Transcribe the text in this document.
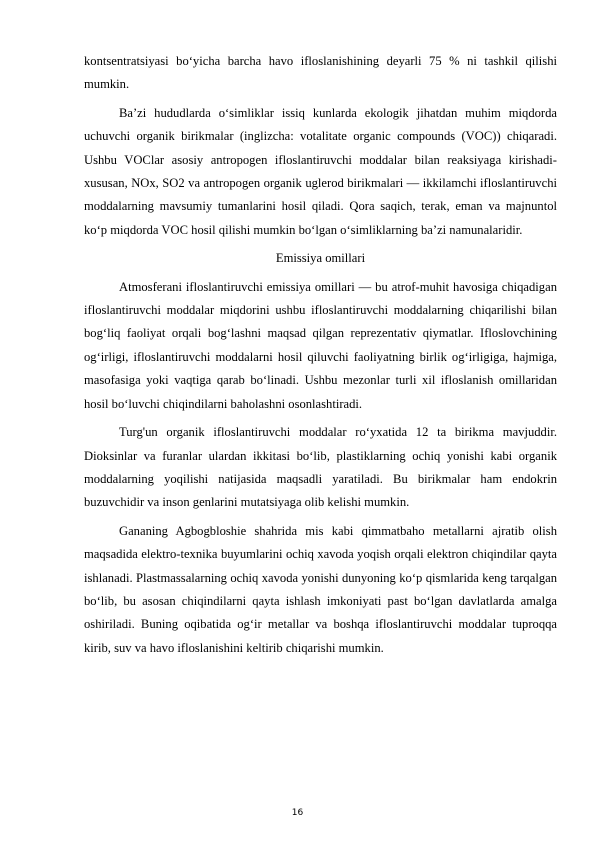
kontsentratsiyasi bo‘yicha barcha havo ifloslanishining deyarli 75 % ni tashkil qilishi mumkin.

Ba’zi hududlarda o‘simliklar issiq kunlarda ekologik jihatdan muhim miqdorda uchuvchi organik birikmalar (inglizcha: votalitate organic compounds (VOC)) chiqaradi. Ushbu VOClar asosiy antropogen ifloslantiruvchi moddalar bilan reaksiyaga kirishadi- xususan, NOx, SO2 va antropogen organik uglerod birikmalari — ikkilamchi ifloslantiruvchi moddalarning mavsumiy tumanlarini hosil qiladi. Qora saqich, terak, eman va majnuntol ko‘p miqdorda VOC hosil qilishi mumkin bo‘lgan o‘simliklarning ba’zi namunalaridir.

Emissiya omillari

Atmosferani ifloslantiruvchi emissiya omillari — bu atrof-muhit havosiga chiqadigan ifloslantiruvchi moddalar miqdorini ushbu ifloslantiruvchi moddalarning chiqarilishi bilan bog‘liq faoliyat orqali bog‘lashni maqsad qilgan reprezentativ qiymatlar. Ifloslovchining og‘irligi, ifloslantiruvchi moddalarni hosil qiluvchi faoliyatning birlik og‘irligiga, hajmiga, masofasiga yoki vaqtiga qarab bo‘linadi. Ushbu mezonlar turli xil ifloslanish omillaridan hosil bo‘luvchi chiqindilarni baholashni osonlashtiradi.

Turg'un organik ifloslantiruvchi moddalar ro‘yxatida 12 ta birikma mavjuddir. Dioksinlar va furanlar ulardan ikkitasi bo‘lib, plastiklarning ochiq yonishi kabi organik moddalarning yoqilishi natijasida maqsadli yaratiladi. Bu birikmalar ham endokrin buzuvchidir va inson genlarini mutatsiyaga olib kelishi mumkin.

Gananing Agbogbloshie shahrida mis kabi qimmatbaho metallarni ajratib olish maqsadida elektro-texnika buyumlarini ochiq xavoda yoqish orqali elektron chiqindilar qayta ishlanadi. Plastmassalarning ochiq xavoda yonishi dunyoning ko‘p qismlarida keng tarqalgan bo‘lib, bu asosan chiqindilarni qayta ishlash imkoniyati past bo‘lgan davlatlarda amalga oshiriladi. Buning oqibatida og‘ir metallar va boshqa ifloslantiruvchi moddalar tuproqqa kirib, suv va havo ifloslanishini keltirib chiqarishi mumkin.

16
